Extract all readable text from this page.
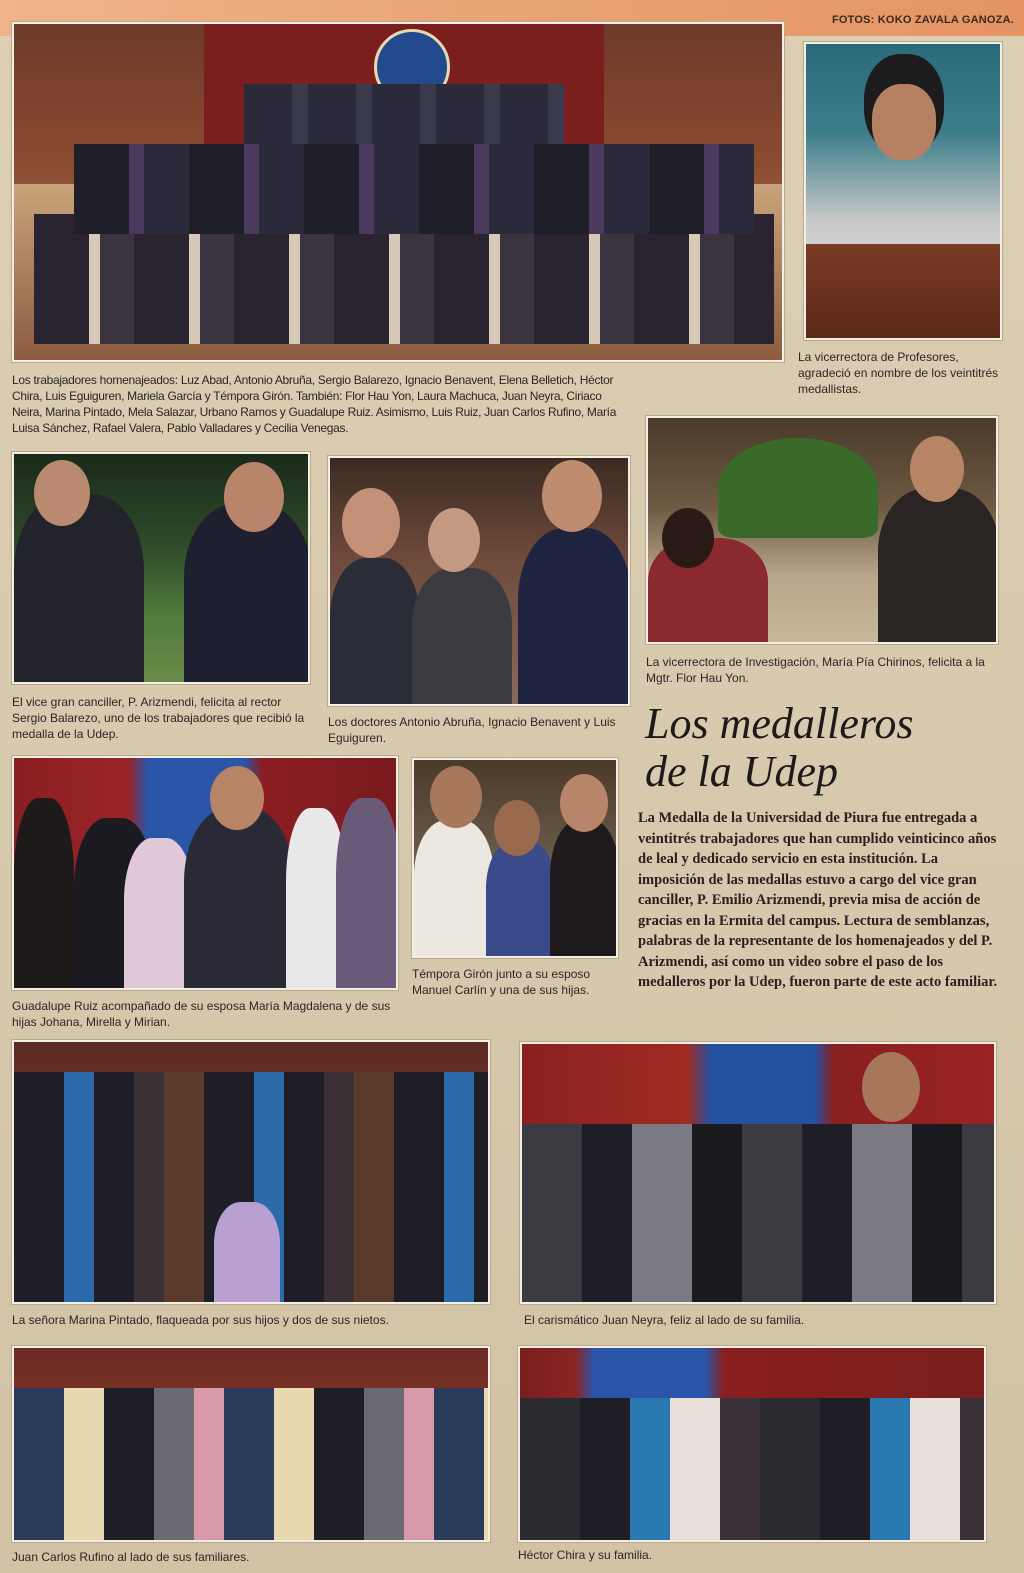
FOTOS: KOKO ZAVALA GANOZA.
La vicerrectora de Profesores, agradeció en nombre de los veintitrés medallistas.
Los trabajadores homenajeados: Luz Abad, Antonio Abruña, Sergio Balarezo, Ignacio Benavent, Elena Belletich, Héctor Chira, Luis Eguiguren, Mariela García y Témpora Girón. También: Flor Hau Yon, Laura Machuca, Juan Neyra, Ciriaco Neira, Marina Pintado, Mela Salazar, Urbano Ramos y Guadalupe Ruiz. Asimismo, Luis Ruiz, Juan Carlos Rufino, María Luisa Sánchez, Rafael Valera, Pablo Valladares y Cecilia Venegas.
El vice gran canciller, P. Arizmendi, felicita al rector Sergio Balarezo, uno de los trabajadores que recibió la medalla de la Udep.
Los doctores Antonio Abruña, Ignacio Benavent y Luis Eguiguren.
La vicerrectora de Investigación, María Pía Chirinos, felicita a la Mgtr. Flor Hau Yon.
Los medalleros
de la Udep
La Medalla de la Universidad de Piura fue entregada a veintitrés trabajadores que han cumplido veinticinco años de leal y dedicado servicio en esta institución. La imposición de las medallas estuvo a cargo del vice gran canciller, P. Emilio Arizmendi, previa misa de acción de gracias en la Ermita del campus. Lectura de semblanzas, palabras de la representante de los homenajeados y del P. Arizmendi, así como un video sobre el paso de los medalleros por la Udep, fueron parte de este acto familiar.
Guadalupe Ruiz acompañado de su esposa María Magdalena y de sus hijas Johana, Mirella y Mirian.
Témpora Girón junto a su esposo Manuel Carlín y una de sus hijas.
La señora Marina Pintado, flaqueada por sus hijos y dos de sus nietos.	El carismático Juan Neyra, feliz al lado de su familia.
Juan Carlos Rufino al lado de sus familiares.	Héctor Chira y su familia.
